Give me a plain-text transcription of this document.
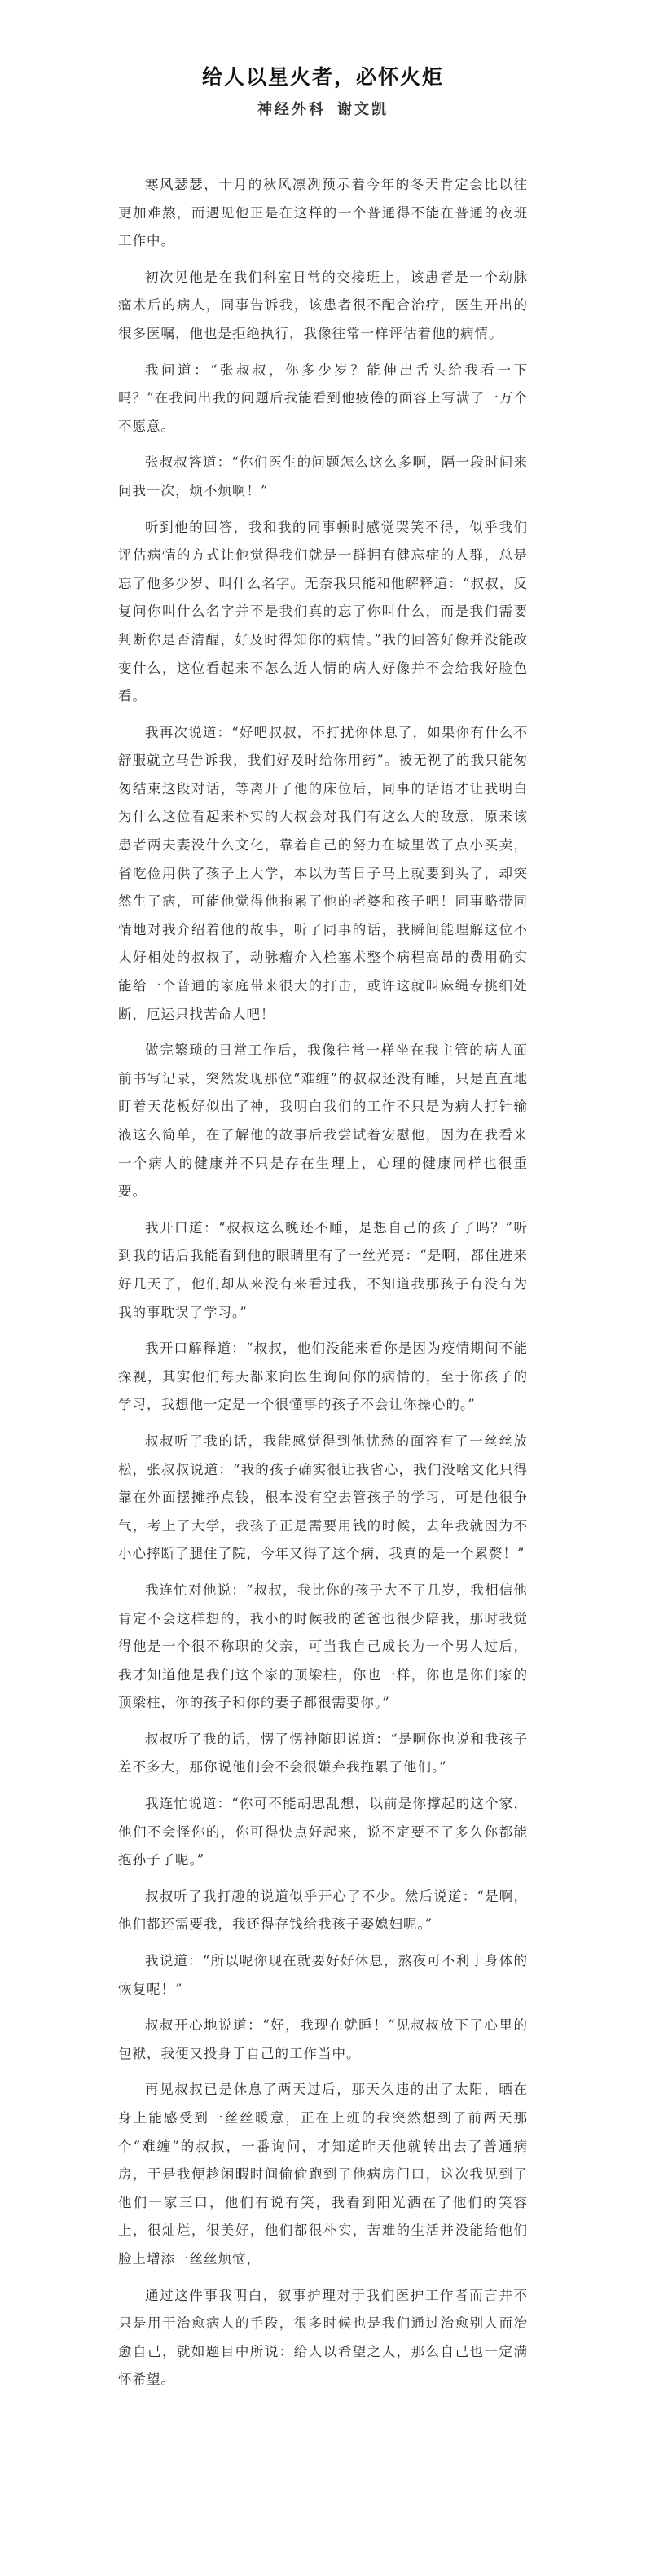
给人以星火者，必怀火炬
神经外科 谢文凯

寒风瑟瑟，十月的秋风凛冽预示着今年的冬天肯定会比以往更加难熬，而遇见他正是在这样的一个普通得不能在普通的夜班工作中。

初次见他是在我们科室日常的交接班上，该患者是一个动脉瘤术后的病人，同事告诉我，该患者很不配合治疗，医生开出的很多医嘱，他也是拒绝执行，我像往常一样评估着他的病情。

我问道：“张叔叔，你多少岁？能伸出舌头给我看一下吗？”在我问出我的问题后我能看到他疲倦的面容上写满了一万个不愿意。

张叔叔答道：“你们医生的问题怎么这么多啊，隔一段时间来问我一次，烦不烦啊！”

听到他的回答，我和我的同事顿时感觉哭笑不得，似乎我们评估病情的方式让他觉得我们就是一群拥有健忘症的人群，总是忘了他多少岁、叫什么名字。无奈我只能和他解释道：“叔叔，反复问你叫什么名字并不是我们真的忘了你叫什么，而是我们需要判断你是否清醒，好及时得知你的病情。”我的回答好像并没能改变什么，这位看起来不怎么近人情的病人好像并不会给我好脸色看。

我再次说道：“好吧叔叔，不打扰你休息了，如果你有什么不舒服就立马告诉我，我们好及时给你用药”。被无视了的我只能匆匆结束这段对话，等离开了他的床位后，同事的话语才让我明白为什么这位看起来朴实的大叔会对我们有这么大的敌意，原来该患者两夫妻没什么文化，靠着自己的努力在城里做了点小买卖，省吃俭用供了孩子上大学，本以为苦日子马上就要到头了，却突然生了病，可能他觉得他拖累了他的老婆和孩子吧！同事略带同情地对我介绍着他的故事，听了同事的话，我瞬间能理解这位不太好相处的叔叔了，动脉瘤介入栓塞术整个病程高昂的费用确实能给一个普通的家庭带来很大的打击，或许这就叫麻绳专挑细处断，厄运只找苦命人吧！

做完繁琐的日常工作后，我像往常一样坐在我主管的病人面前书写记录，突然发现那位“难缠”的叔叔还没有睡，只是直直地盯着天花板好似出了神，我明白我们的工作不只是为病人打针输液这么简单，在了解他的故事后我尝试着安慰他，因为在我看来一个病人的健康并不只是存在生理上，心理的健康同样也很重要。

我开口道：“叔叔这么晚还不睡，是想自己的孩子了吗？”听到我的话后我能看到他的眼睛里有了一丝光亮：“是啊，都住进来好几天了，他们却从来没有来看过我，不知道我那孩子有没有为我的事耽误了学习。”

我开口解释道：“叔叔，他们没能来看你是因为疫情期间不能探视，其实他们每天都来向医生询问你的病情的，至于你孩子的学习，我想他一定是一个很懂事的孩子不会让你操心的。”

叔叔听了我的话，我能感觉得到他忧愁的面容有了一丝丝放松，张叔叔说道：“我的孩子确实很让我省心，我们没啥文化只得靠在外面摆摊挣点钱，根本没有空去管孩子的学习，可是他很争气，考上了大学，我孩子正是需要用钱的时候，去年我就因为不小心摔断了腿住了院，今年又得了这个病，我真的是一个累赘！”

我连忙对他说：“叔叔，我比你的孩子大不了几岁，我相信他肯定不会这样想的，我小的时候我的爸爸也很少陪我，那时我觉得他是一个很不称职的父亲，可当我自己成长为一个男人过后，我才知道他是我们这个家的顶梁柱，你也一样，你也是你们家的顶梁柱，你的孩子和你的妻子都很需要你。”

叔叔听了我的话，愣了愣神随即说道：“是啊你也说和我孩子差不多大，那你说他们会不会很嫌弃我拖累了他们。”

我连忙说道：“你可不能胡思乱想，以前是你撑起的这个家，他们不会怪你的，你可得快点好起来，说不定要不了多久你都能抱孙子了呢。”

叔叔听了我打趣的说道似乎开心了不少。然后说道：“是啊，他们都还需要我，我还得存钱给我孩子娶媳妇呢。”

我说道：“所以呢你现在就要好好休息，熬夜可不利于身体的恢复呢！”

叔叔开心地说道：“好，我现在就睡！”见叔叔放下了心里的包袱，我便又投身于自己的工作当中。

再见叔叔已是休息了两天过后，那天久违的出了太阳，晒在身上能感受到一丝丝暖意，正在上班的我突然想到了前两天那个“难缠”的叔叔，一番询问，才知道昨天他就转出去了普通病房，于是我便趁闲暇时间偷偷跑到了他病房门口，这次我见到了他们一家三口，他们有说有笑，我看到阳光洒在了他们的笑容上，很灿烂，很美好，他们都很朴实，苦难的生活并没能给他们脸上增添一丝丝烦恼，

通过这件事我明白，叙事护理对于我们医护工作者而言并不只是用于治愈病人的手段，很多时候也是我们通过治愈别人而治愈自己，就如题目中所说：给人以希望之人，那么自己也一定满怀希望。
